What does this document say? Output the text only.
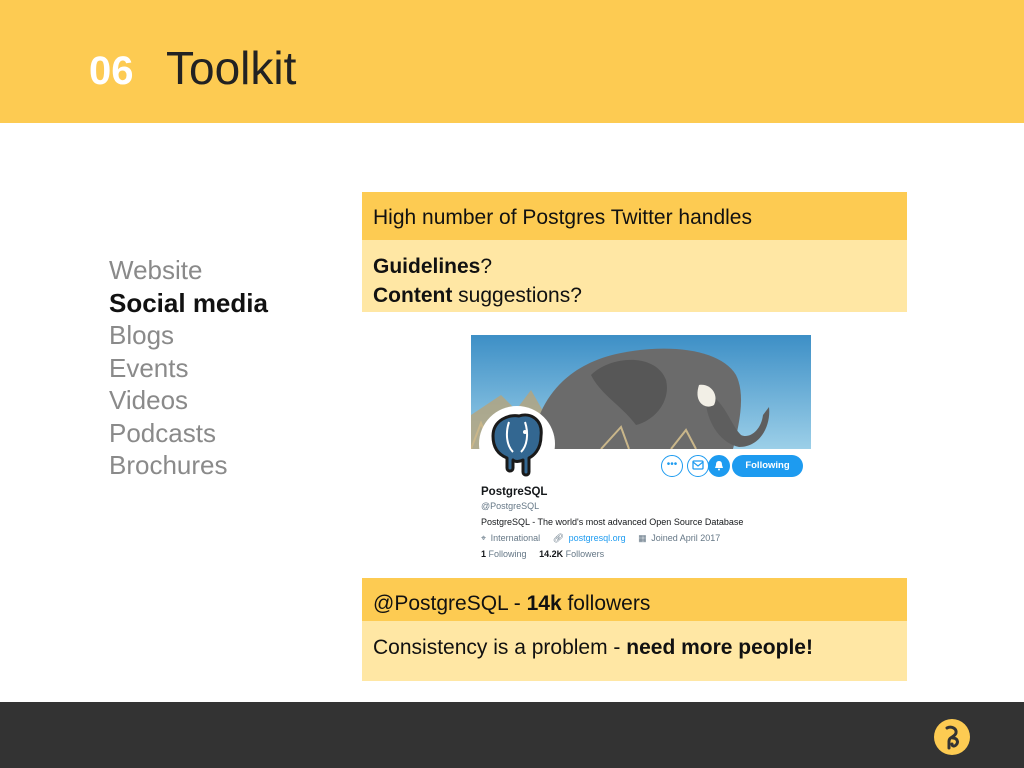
06 Toolkit
Website
Social media
Blogs
Events
Videos
Podcasts
Brochures
High number of Postgres Twitter handles
Guidelines?
Content suggestions?
•••	Following
PostgreSQL
@PostgreSQL
PostgreSQL - The world's most advanced Open Source Database
⌖ International 🔗︎ postgresql.org ▦ Joined April 2017
1 Following 14.2K Followers
@PostgreSQL - 14k followers
Consistency is a problem - need more people!
